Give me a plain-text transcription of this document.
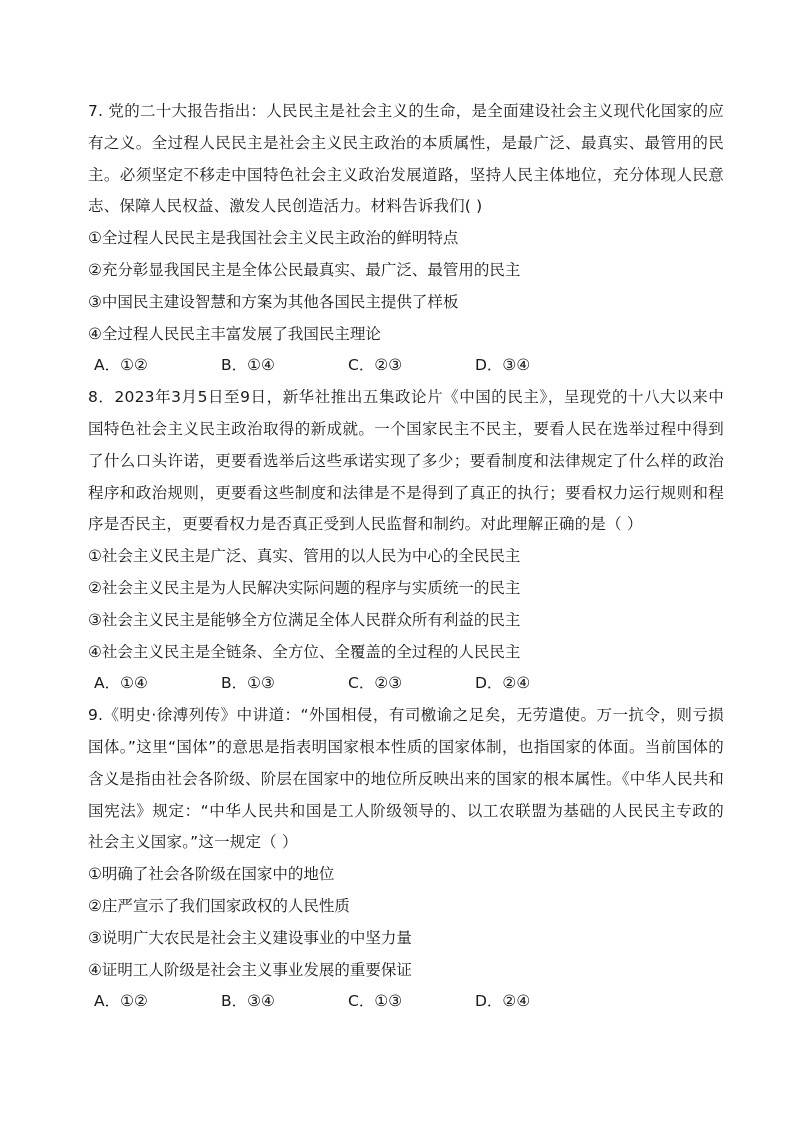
7. 党的二十大报告指出：人民民主是社会主义的生命，是全面建设社会主义现代化国家的应有之义。全过程人民民主是社会主义民主政治的本质属性，是最广泛、最真实、最管用的民主。必须坚定不移走中国特色社会主义政治发展道路，坚持人民主体地位，充分体现人民意志、保障人民权益、激发人民创造活力。材料告诉我们( )

①全过程人民民主是我国社会主义民主政治的鲜明特点

②充分彰显我国民主是全体公民最真实、最广泛、最管用的民主

③中国民主建设智慧和方案为其他各国民主提供了样板

④全过程人民民主丰富发展了我国民主理论

A．①②	B．①④	C．②③	D．③④

8．2023年3月5日至9日，新华社推出五集政论片《中国的民主》，呈现党的十八大以来中国特色社会主义民主政治取得的新成就。一个国家民主不民主，要看人民在选举过程中得到了什么口头许诺，更要看选举后这些承诺实现了多少；要看制度和法律规定了什么样的政治程序和政治规则，更要看这些制度和法律是不是得到了真正的执行；要看权力运行规则和程序是否民主，更要看权力是否真正受到人民监督和制约。对此理解正确的是（ ）

①社会主义民主是广泛、真实、管用的以人民为中心的全民民主

②社会主义民主是为人民解决实际问题的程序与实质统一的民主

③社会主义民主是能够全方位满足全体人民群众所有利益的民主

④社会主义民主是全链条、全方位、全覆盖的全过程的人民民主

A．①④	B．①③	C．②③	D．②④

9.《明史·徐溥列传》中讲道：“外国相侵，有司檄谕之足矣，无劳遣使。万一抗令，则亏损国体。”这里“国体”的意思是指表明国家根本性质的国家体制，也指国家的体面。当前国体的含义是指由社会各阶级、阶层在国家中的地位所反映出来的国家的根本属性。《中华人民共和国宪法》规定：“中华人民共和国是工人阶级领导的、以工农联盟为基础的人民民主专政的社会主义国家。”这一规定（ ）

①明确了社会各阶级在国家中的地位

②庄严宣示了我们国家政权的人民性质

③说明广大农民是社会主义建设事业的中坚力量

④证明工人阶级是社会主义事业发展的重要保证

A．①②	B．③④	C．①③	D．②④
